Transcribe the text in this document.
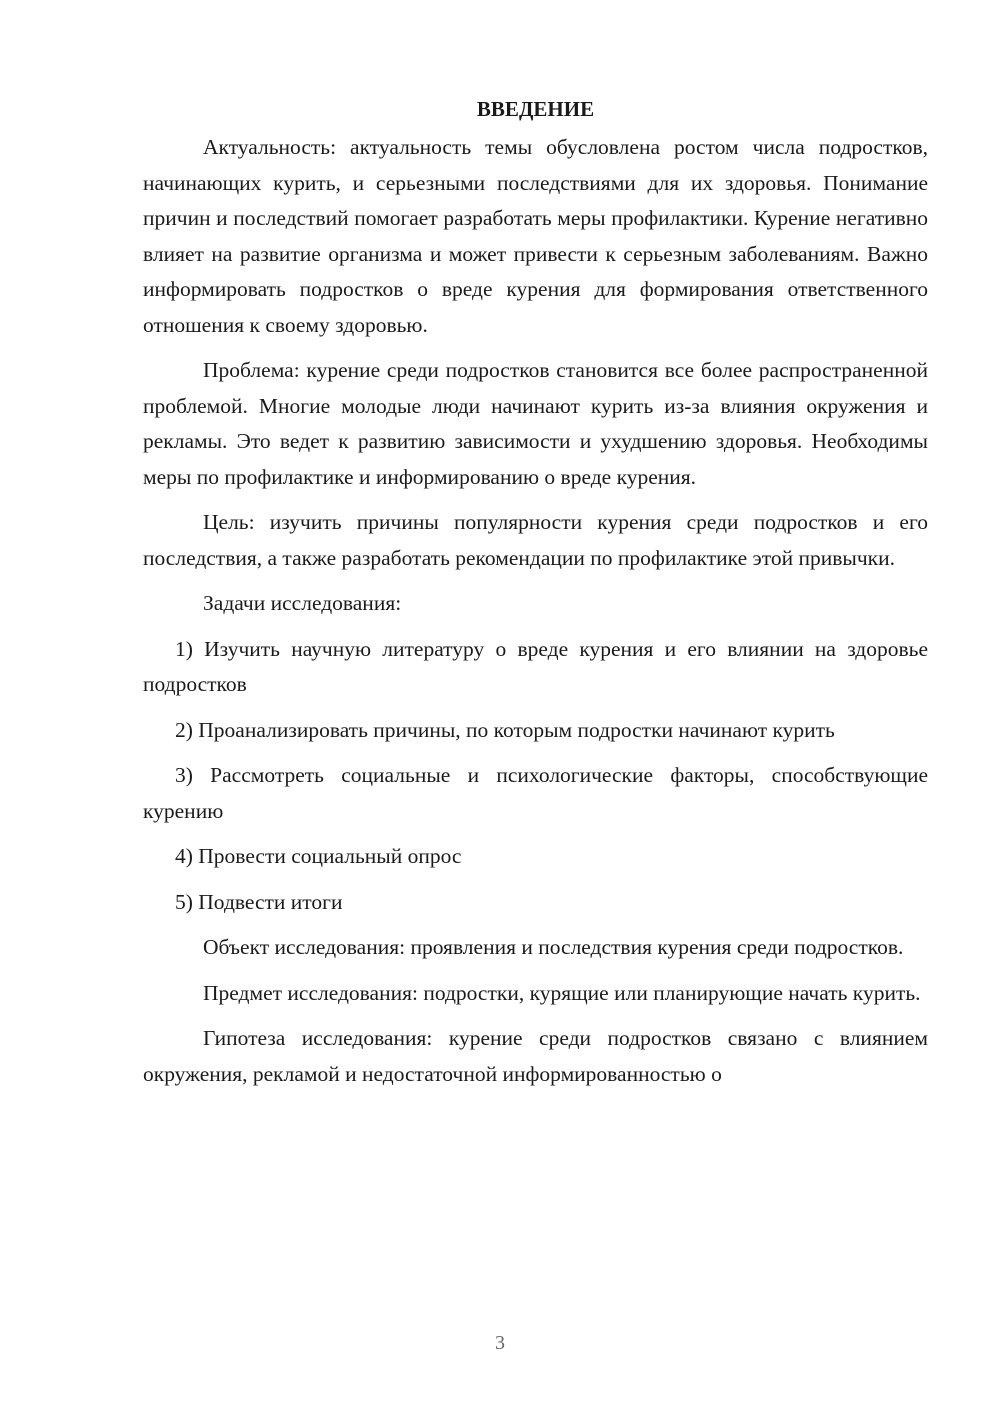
ВВЕДЕНИЕ

Актуальность: актуальность темы обусловлена ростом числа подростков, начинающих курить, и серьезными последствиями для их здоровья. Понимание причин и последствий помогает разработать меры профилактики. Курение негативно влияет на развитие организма и может привести к серьезным заболеваниям. Важно информировать подростков о вреде курения для формирования ответственного отношения к своему здоровью.

Проблема: курение среди подростков становится все более распространенной проблемой. Многие молодые люди начинают курить из-за влияния окружения и рекламы. Это ведет к развитию зависимости и ухудшению здоровья. Необходимы меры по профилактике и информированию о вреде курения.

Цель: изучить причины популярности курения среди подростков и его последствия, а также разработать рекомендации по профилактике этой привычки.

Задачи исследования:

1) Изучить научную литературу о вреде курения и его влиянии на здоровье подростков

2) Проанализировать причины, по которым подростки начинают курить

3) Рассмотреть социальные и психологические факторы, способствующие курению

4) Провести социальный опрос

5) Подвести итоги

Объект исследования: проявления и последствия курения среди подростков.

Предмет исследования: подростки, курящие или планирующие начать курить.

Гипотеза исследования: курение среди подростков связано с влиянием окружения, рекламой и недостаточной информированностью о

3
